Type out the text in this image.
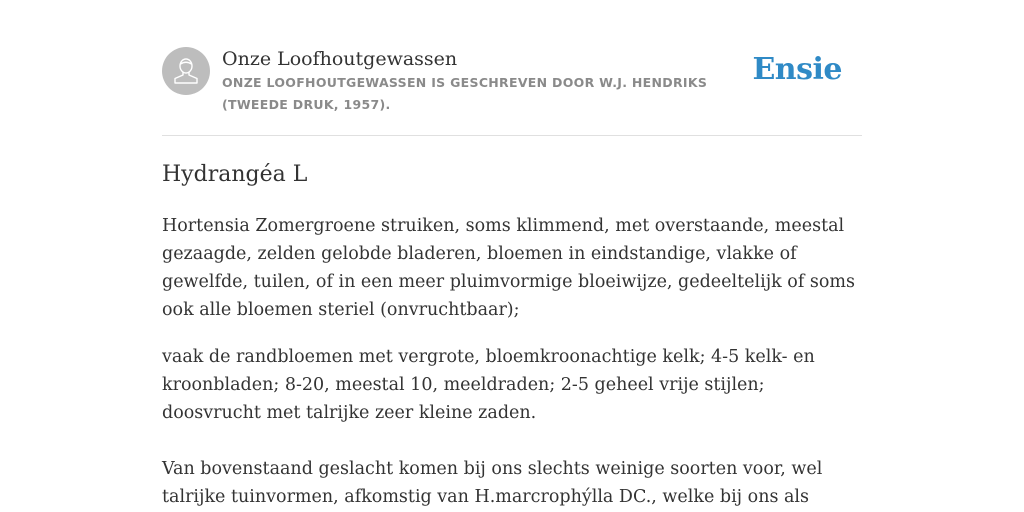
Onze Loofhoutgewassen
ONZE LOOFHOUTGEWASSEN IS GESCHREVEN DOOR W.J. HENDRIKS (TWEEDE DRUK, 1957).
Ensie
Hydrangéa L

Hortensia Zomergroene struiken, soms klimmend, met overstaande, meestal gezaagde, zelden gelobde bladeren, bloemen in eindstandige, vlakke of gewelfde, tuilen, of in een meer pluimvormige bloeiwijze, gedeeltelijk of soms ook alle bloemen steriel (onvruchtbaar);

vaak de randbloemen met vergrote, bloemkroonachtige kelk; 4-5 kelk- en kroonbladen; 8-20, meestal 10, meeldraden; 2-5 geheel vrije stijlen; doosvrucht met talrijke zeer kleine zaden.

Van bovenstaand geslacht komen bij ons slechts weinige soorten voor, wel talrijke tuinvormen, afkomstig van H.marcrophýlla DC., welke bij ons als
